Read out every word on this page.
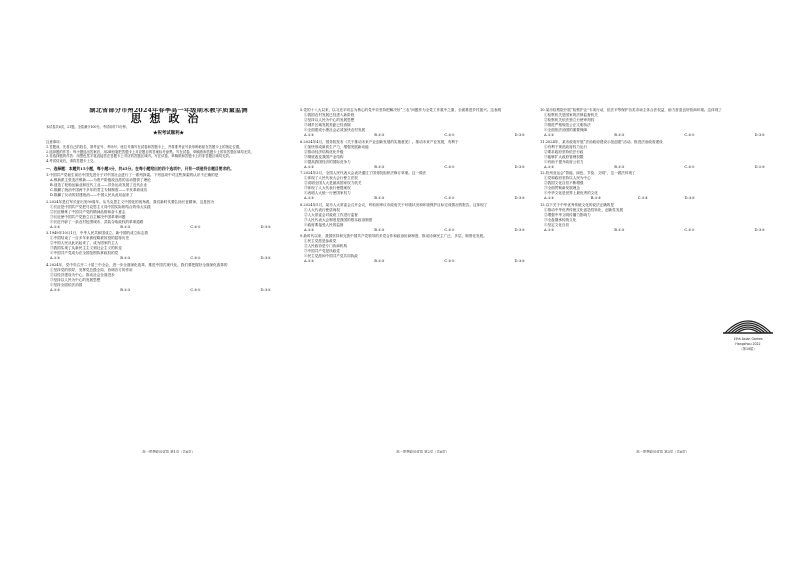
湖北省部分市州2024年春季高一年级期末教学质量监测
思想政治
本试卷共6页，21题。全卷满分100分。考试用时75分钟。
★祝考试顺利★

注意事项：

1.答题前，先将自己的姓名、准考证号、考场号、座位号填写在试卷和答题卡上，并将准考证号条形码粘贴在答题卡上的指定位置。

2.选择题的作答：每小题选出答案后，用2B铅笔把答题卡上对应题目的答案标号涂黑。写在试卷、草稿纸和答题卡上的非答题区域均无效。

3.非选择题的作答：用黑色签字笔直接答在答题卡上对应的答题区域内。写在试卷、草稿纸和答题卡上的非答题区域均无效。

4.考试结束后，请将答题卡上交。

一、选择题：本题共15小题，每小题3分，共45分。在每小题给出的四个选项中，只有一项是符合题目要求的。

1.中国共产党诞生前后中国先进分子对中国社会进行了一系列探索。下列选项中对这些探索的认识不正确的是

A.维新派主张变法维新——为资产阶级改良派的活动提供了理论

B.创造了轮船运输业和近代工业——洋务运动发展了近代企业

C.推翻了统治中国两千多年的君主专制制度——辛亥革命成功

D.推翻了反动的封建统治——中国人民从此站起来了

2.2024年是红军长征出发90周年。从马克思主义中国化的视角看，我们新时代要弘扬长征精神，这是因为

①长征是中国共产党把马克思主义同中国实际相结合的伟大实践

②长征锤炼了中国共产党的精神品格和奋斗意志

③长征使中国共产党独立自主解决中国革命问题

④长征开辟了一条农村包围城市、武装夺取政权的革命道路

A.①②	B.①③	C.②④	D.③④

3.1949年10月1日，中华人民共和国成立。新中国的成立标志着

①中国结束了一百多年来被侵略被奴役的屈辱历史

②中国人民从此站起来了，成为国家的主人

③我国实现了从新民主主义到社会主义的转变

④中国共产党成为在全国范围执掌政权的党

A.①②	B.①③	C.②④	D.③④

4.2024年，党中央召开二十届三中全会，进一步全面深化改革，推进中国式现代化。我们要把握好全面深化改革的

①坚持党的领导，发挥党总揽全局、协调各方的作用

②以经济建设为中心，推动社会全面进步

③坚持以人民为中心的发展思想

④坚持全面依法治国

A.①②	B.①③	C.②④	D.③④
高一思想政治试卷 第1页（共6页）

5.党的十八大以来，以习近平同志为核心的党中央坚持把解决好“三农”问题作为全党工作重中之重，全面推进乡村振兴。这表明

①我国农村发展已经进入新阶段

②坚持以人民为中心的发展思想

③城乡区域发展差距已经消除

④全面建成小康社会必须加快农村发展

A.①②	B.①③	C.②④	D.③④

6.2024年4月，国务院发布《关于推动未来产业创新发展的实施意见》。推动未来产业发展，有利于

①加快形成新质生产力，增强发展新动能

②推动经济结构优化升级

③彻底改变我国产业结构

④提高我国经济的国际竞争力

A.①②	B.①③	C.②④	D.③④

7.2024年3月，全国人民代表大会表决通过了国务院组织法修订草案。这一做法

①体现了人民代表大会行使立法权

②说明全国人大是最高国家权力机关

③体现了人大代表行使提案权

④表明人大统一行使国家权力

A.①②	B.①③	C.②④	D.③④

8.2024年5月，某市人大常委会召开会议，听取和审议市政府关于环境状况和环境保护目标完成情况的报告。这体现了

①人大代表行使质询权

②人大常委会对政府工作进行监督

③人民代表大会制度是我国的根本政治制度

④政府要接受人民的监督

A.①②	B.①③	C.②④	D.③④

9.新时代以来，我国坚持和完善中国共产党领导的多党合作和政治协商制度，推动协商民主广泛、多层、制度化发展。

①民主党派是参政党

②人民政协是专门协商机构

③中国共产党是执政党

④民主党派和中国共产党共同执政

A.①②	B.①③	C.②④	D.③④
高一思想政治试卷 第2页（共6页）

10.某市检察院开展“检察护企”专项行动，依法平等保护各类市场主体合法权益，助力营造良好营商环境。这体现了

①检察机关是国家的法律监督机关

②检察机关依法独立行使审判权

③推进严格规范公正文明执法

④全面依法治国的重要保障

A.①②	B.①③	C.②④	D.③④

11.2024年，某市政府开展“法治政府建设示范创建”活动。推进法治政府建设

①有利于规范政府权力运行

②要求政府坚持依法行政

③能够扩大政府管理权限

④有助于提升政府公信力

A.①②	B.①③	C.②④	D.①④

12.杭州亚运会“智能、绿色、节俭、文明”，这一做法体现了

①党和政府坚持以人民为中心

②我国文化自信不断增强

③全面贯彻新发展理念

④中华文化是世界上最优秀的文化

A.①②	B.①③	C.②③	D.③④

13.以下关于中华优秀传统文化的说法正确的是

①推动中华优秀传统文化创造性转化、创新性发展

②增强中华文明传播力影响力

③全盘继承传统文化

④坚定文化自信

A.①②	B.①③	C.②④	D.③④
19th Asian Games
Hangzhou 2022
（第19届）
高一思想政治试卷 第3页（共6页）
